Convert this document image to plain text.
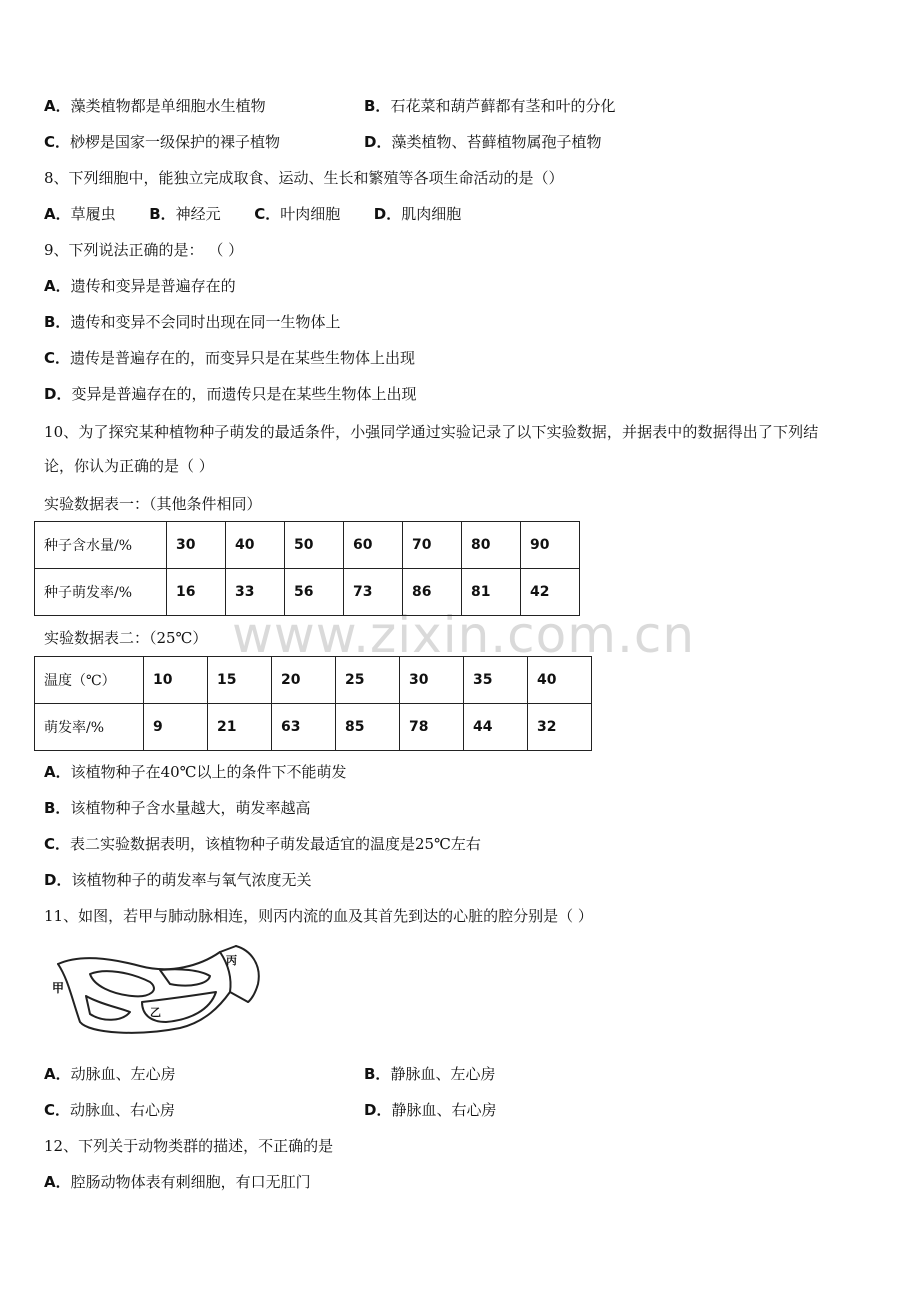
www.zixin.com.cn
A．藻类植物都是单细胞水生植物	B．石花菜和葫芦藓都有茎和叶的分化
C．桫椤是国家一级保护的裸子植物	D．藻类植物、苔藓植物属孢子植物
8、下列细胞中，能独立完成取食、运动、生长和繁殖等各项生命活动的是（）
A．草履虫 B．神经元 C．叶肉细胞 D．肌肉细胞
9、下列说法正确的是： （ ）
A．遗传和变异是普遍存在的
B．遗传和变异不会同时出现在同一生物体上
C．遗传是普遍存在的，而变异只是在某些生物体上出现
D．变异是普遍存在的，而遗传只是在某些生物体上出现
10、为了探究某种植物种子萌发的最适条件，小强同学通过实验记录了以下实验数据，并据表中的数据得出了下列结
论，你认为正确的是（ ）
实验数据表一：（其他条件相同）
种子含水量/%	30	40	50	60	70	80	90
种子萌发率/%	16	33	56	73	86	81	42
实验数据表二：（25℃）
温度（℃）	10	15	20	25	30	35	40
萌发率/%	9	21	63	85	78	44	32
A．该植物种子在40℃以上的条件下不能萌发
B．该植物种子含水量越大，萌发率越高
C．表二实验数据表明，该植物种子萌发最适宜的温度是25℃左右
D．该植物种子的萌发率与氧气浓度无关
11、如图，若甲与肺动脉相连，则丙内流的血及其首先到达的心脏的腔分别是（ ）
甲
乙
丙
A．动脉血、左心房	B．静脉血、左心房
C．动脉血、右心房	D．静脉血、右心房
12、下列关于动物类群的描述，不正确的是
A．腔肠动物体表有刺细胞，有口无肛门
